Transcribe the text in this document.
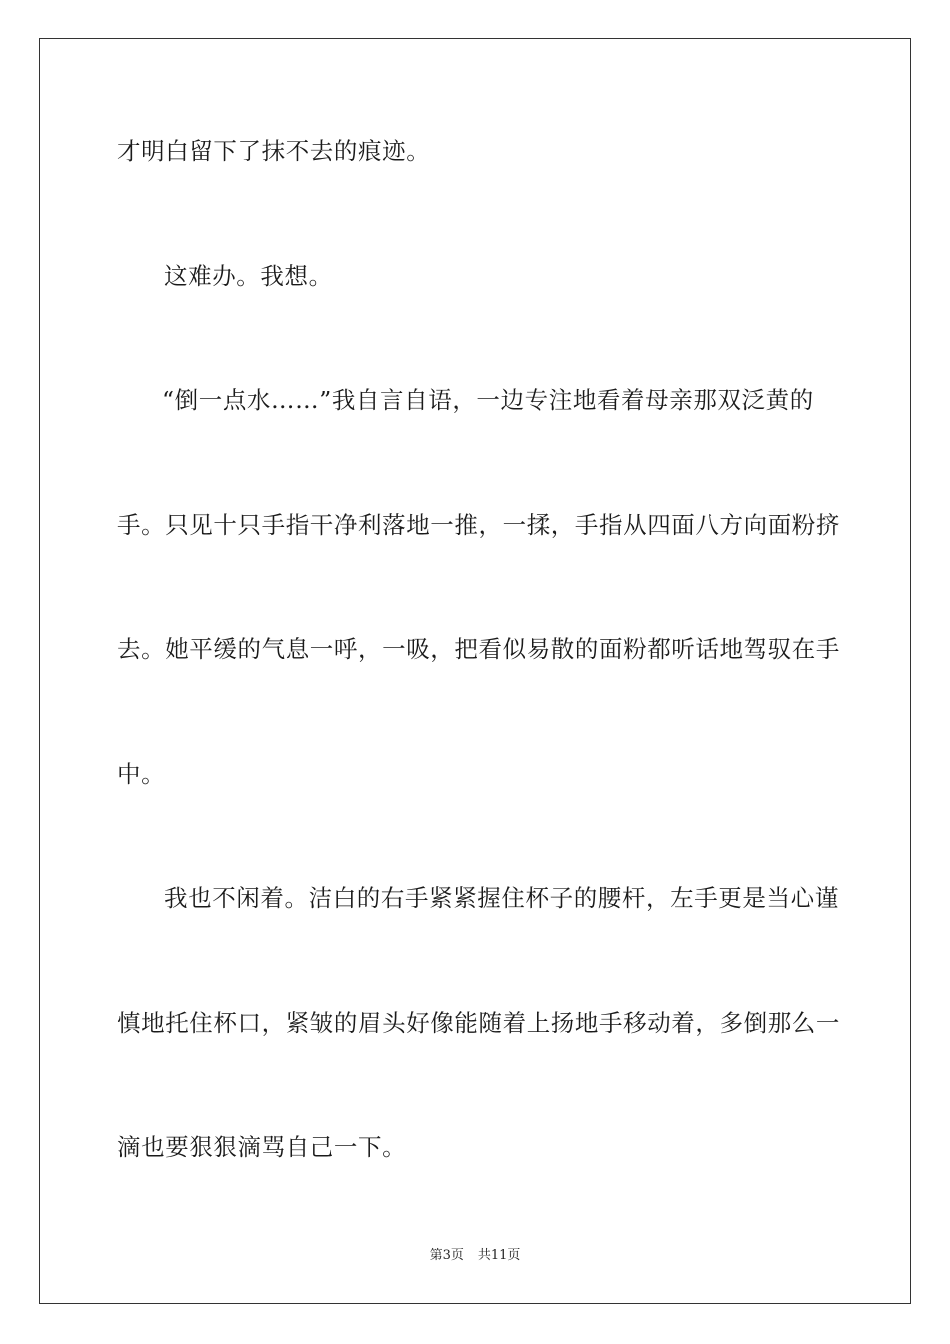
才明白留下了抹不去的痕迹。
这难办。我想。
“倒一点水……”我自言自语，一边专注地看着母亲那双泛黄的
手。只见十只手指干净利落地一推，一揉，手指从四面八方向面粉挤
去。她平缓的气息一呼，一吸，把看似易散的面粉都听话地驾驭在手
中。
我也不闲着。洁白的右手紧紧握住杯子的腰杆，左手更是当心谨
慎地托住杯口，紧皱的眉头好像能随着上扬地手移动着，多倒那么一
滴也要狠狠滴骂自己一下。
第3页 共11页
